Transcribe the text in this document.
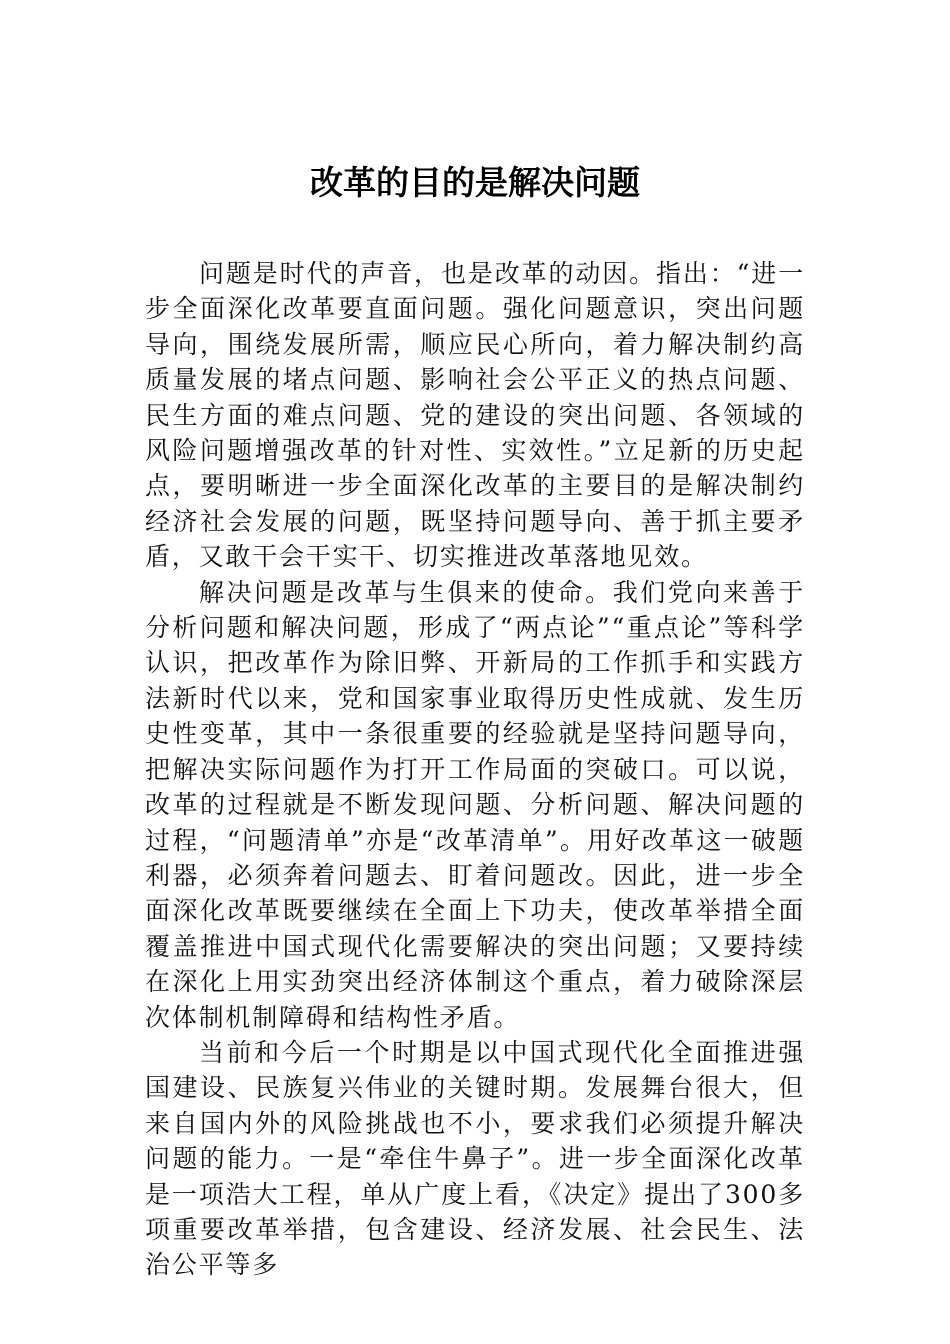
改革的目的是解决问题

问题是时代的声音，也是改革的动因。指出：“进一步全面深化改革要直面问题。强化问题意识，突出问题导向，围绕发展所需，顺应民心所向，着力解决制约高质量发展的堵点问题、影响社会公平正义的热点问题、民生方面的难点问题、党的建设的突出问题、各领域的风险问题增强改革的针对性、实效性。”立足新的历史起点，要明晰进一步全面深化改革的主要目的是解决制约经济社会发展的问题，既坚持问题导向、善于抓主要矛盾，又敢干会干实干、切实推进改革落地见效。

解决问题是改革与生俱来的使命。我们党向来善于分析问题和解决问题，形成了“两点论”“重点论”等科学认识，把改革作为除旧弊、开新局的工作抓手和实践方法新时代以来，党和国家事业取得历史性成就、发生历史性变革，其中一条很重要的经验就是坚持问题导向，把解决实际问题作为打开工作局面的突破口。可以说，改革的过程就是不断发现问题、分析问题、解决问题的过程，“问题清单”亦是“改革清单”。用好改革这一破题利器，必须奔着问题去、盯着问题改。因此，进一步全面深化改革既要继续在全面上下功夫，使改革举措全面覆盖推进中国式现代化需要解决的突出问题；又要持续在深化上用实劲突出经济体制这个重点，着力破除深层次体制机制障碍和结构性矛盾。

当前和今后一个时期是以中国式现代化全面推进强国建设、民族复兴伟业的关键时期。发展舞台很大，但来自国内外的风险挑战也不小，要求我们必须提升解决问题的能力。一是“牵住牛鼻子”。进一步全面深化改革是一项浩大工程，单从广度上看，《决定》提出了300多项重要改革举措，包含建设、经济发展、社会民生、法治公平等多
